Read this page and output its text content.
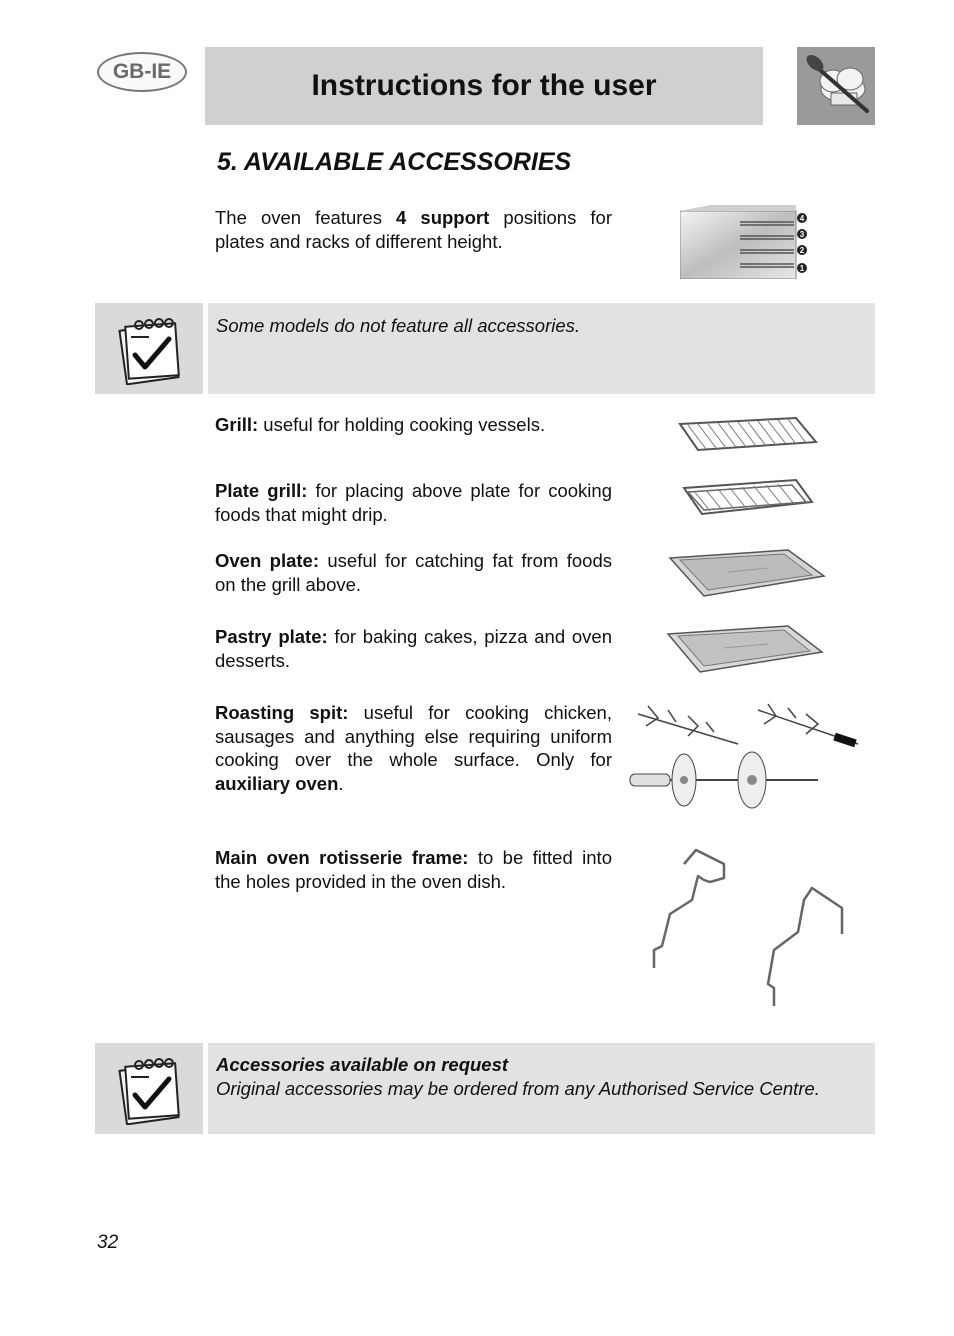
GB-IE	Instructions for the user
5. AVAILABLE ACCESSORIES
The oven features 4 support positions for plates and racks of different height.
4
3
2
1
Some models do not feature all accessories.
Grill: useful for holding cooking vessels.
Plate grill: for placing above plate for cooking foods that might drip.
Oven plate: useful for catching fat from foods on the grill above.
Pastry plate: for baking cakes, pizza and oven desserts.
Roasting spit: useful for cooking chicken, sausages and anything else requiring uniform cooking over the whole surface. Only for auxiliary oven.
Main oven rotisserie frame: to be fitted into the holes provided in the oven dish.
Accessories available on request
Original accessories may be ordered from any Authorised Service Centre.
32
